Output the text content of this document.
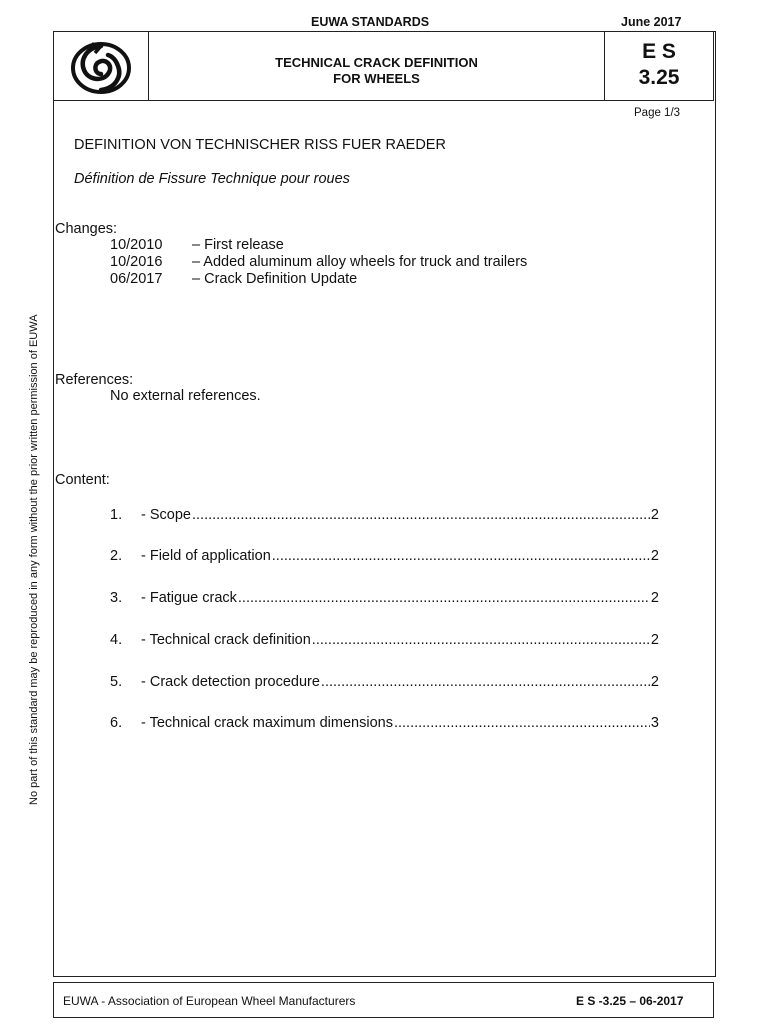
EUWA STANDARDS	June 2017
TECHNICAL CRACK DEFINITION
FOR WHEELS
E S
3.25
Page 1/3
DEFINITION VON TECHNISCHER RISS FUER RAEDER
Définition de Fissure Technique pour roues
Changes:
10/2010 – First release
10/2016 – Added aluminum alloy wheels for truck and trailers
06/2017 – Crack Definition Update
References:
No external references.
Content:
1. - Scope .....	2
2. - Field of application .....	2
3. - Fatigue crack .....	2
4. - Technical crack definition .....	2
5. - Crack detection procedure .....	2
6. - Technical crack maximum dimensions .....	3
No part of this standard may be reproduced in any form without the prior written permission of EUWA
EUWA - Association of European Wheel Manufacturers	E S -3.25 – 06-2017
